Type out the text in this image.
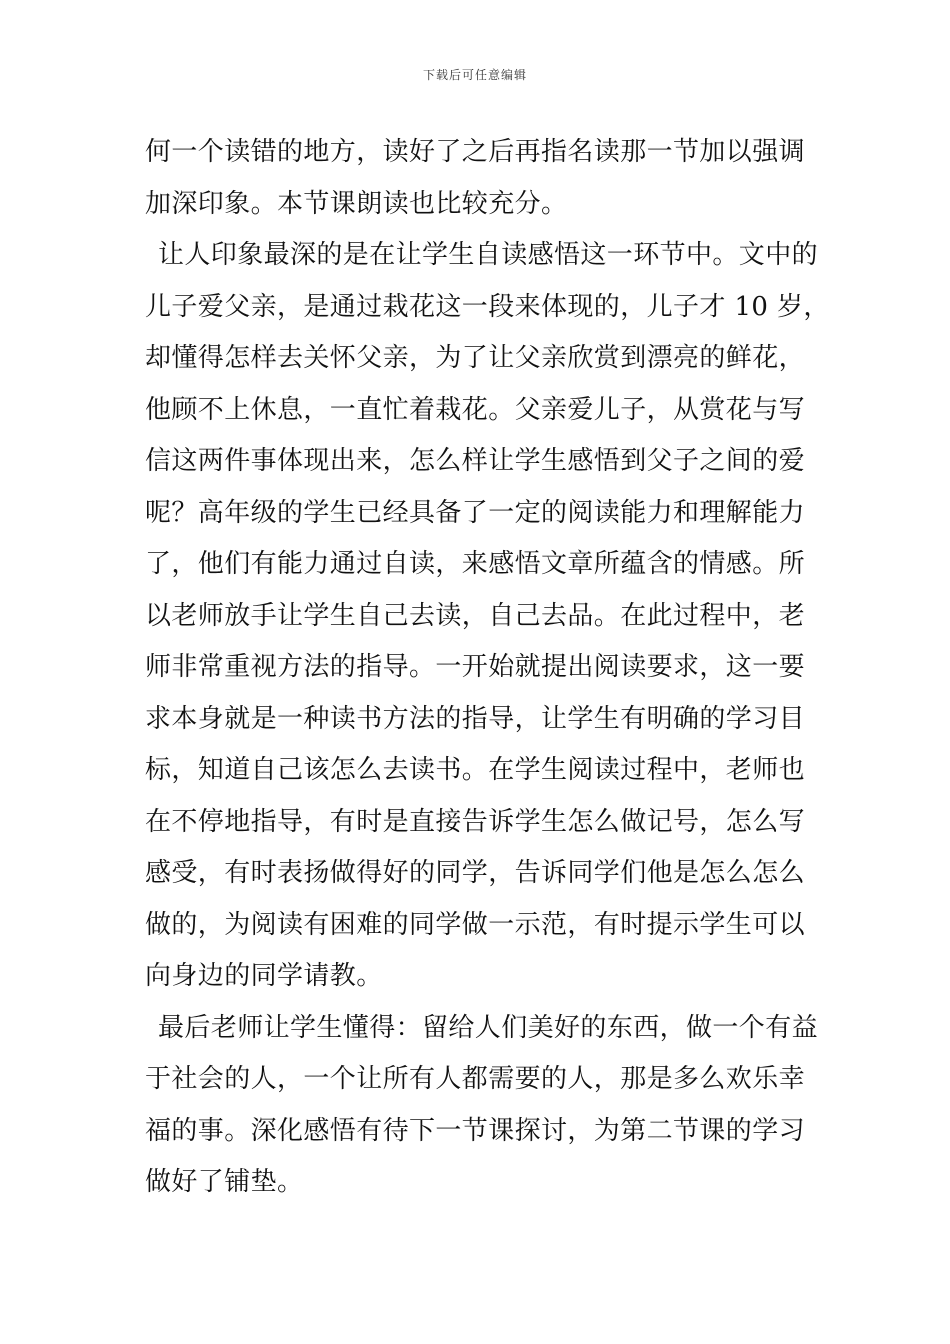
下载后可任意编辑
何一个读错的地方，读好了之后再指名读那一节加以强调
加深印象。本节课朗读也比较充分。
让人印象最深的是在让学生自读感悟这一环节中。文中的
儿子爱父亲，是通过栽花这一段来体现的，儿子才 10 岁，
却懂得怎样去关怀父亲，为了让父亲欣赏到漂亮的鲜花，
他顾不上休息，一直忙着栽花。父亲爱儿子，从赏花与写
信这两件事体现出来，怎么样让学生感悟到父子之间的爱
呢？高年级的学生已经具备了一定的阅读能力和理解能力
了，他们有能力通过自读，来感悟文章所蕴含的情感。所
以老师放手让学生自己去读，自己去品。在此过程中，老
师非常重视方法的指导。一开始就提出阅读要求，这一要
求本身就是一种读书方法的指导，让学生有明确的学习目
标，知道自己该怎么去读书。在学生阅读过程中，老师也
在不停地指导，有时是直接告诉学生怎么做记号，怎么写
感受，有时表扬做得好的同学，告诉同学们他是怎么怎么
做的，为阅读有困难的同学做一示范，有时提示学生可以
向身边的同学请教。
最后老师让学生懂得：留给人们美好的东西，做一个有益
于社会的人，一个让所有人都需要的人，那是多么欢乐幸
福的事。深化感悟有待下一节课探讨，为第二节课的学习
做好了铺垫。
